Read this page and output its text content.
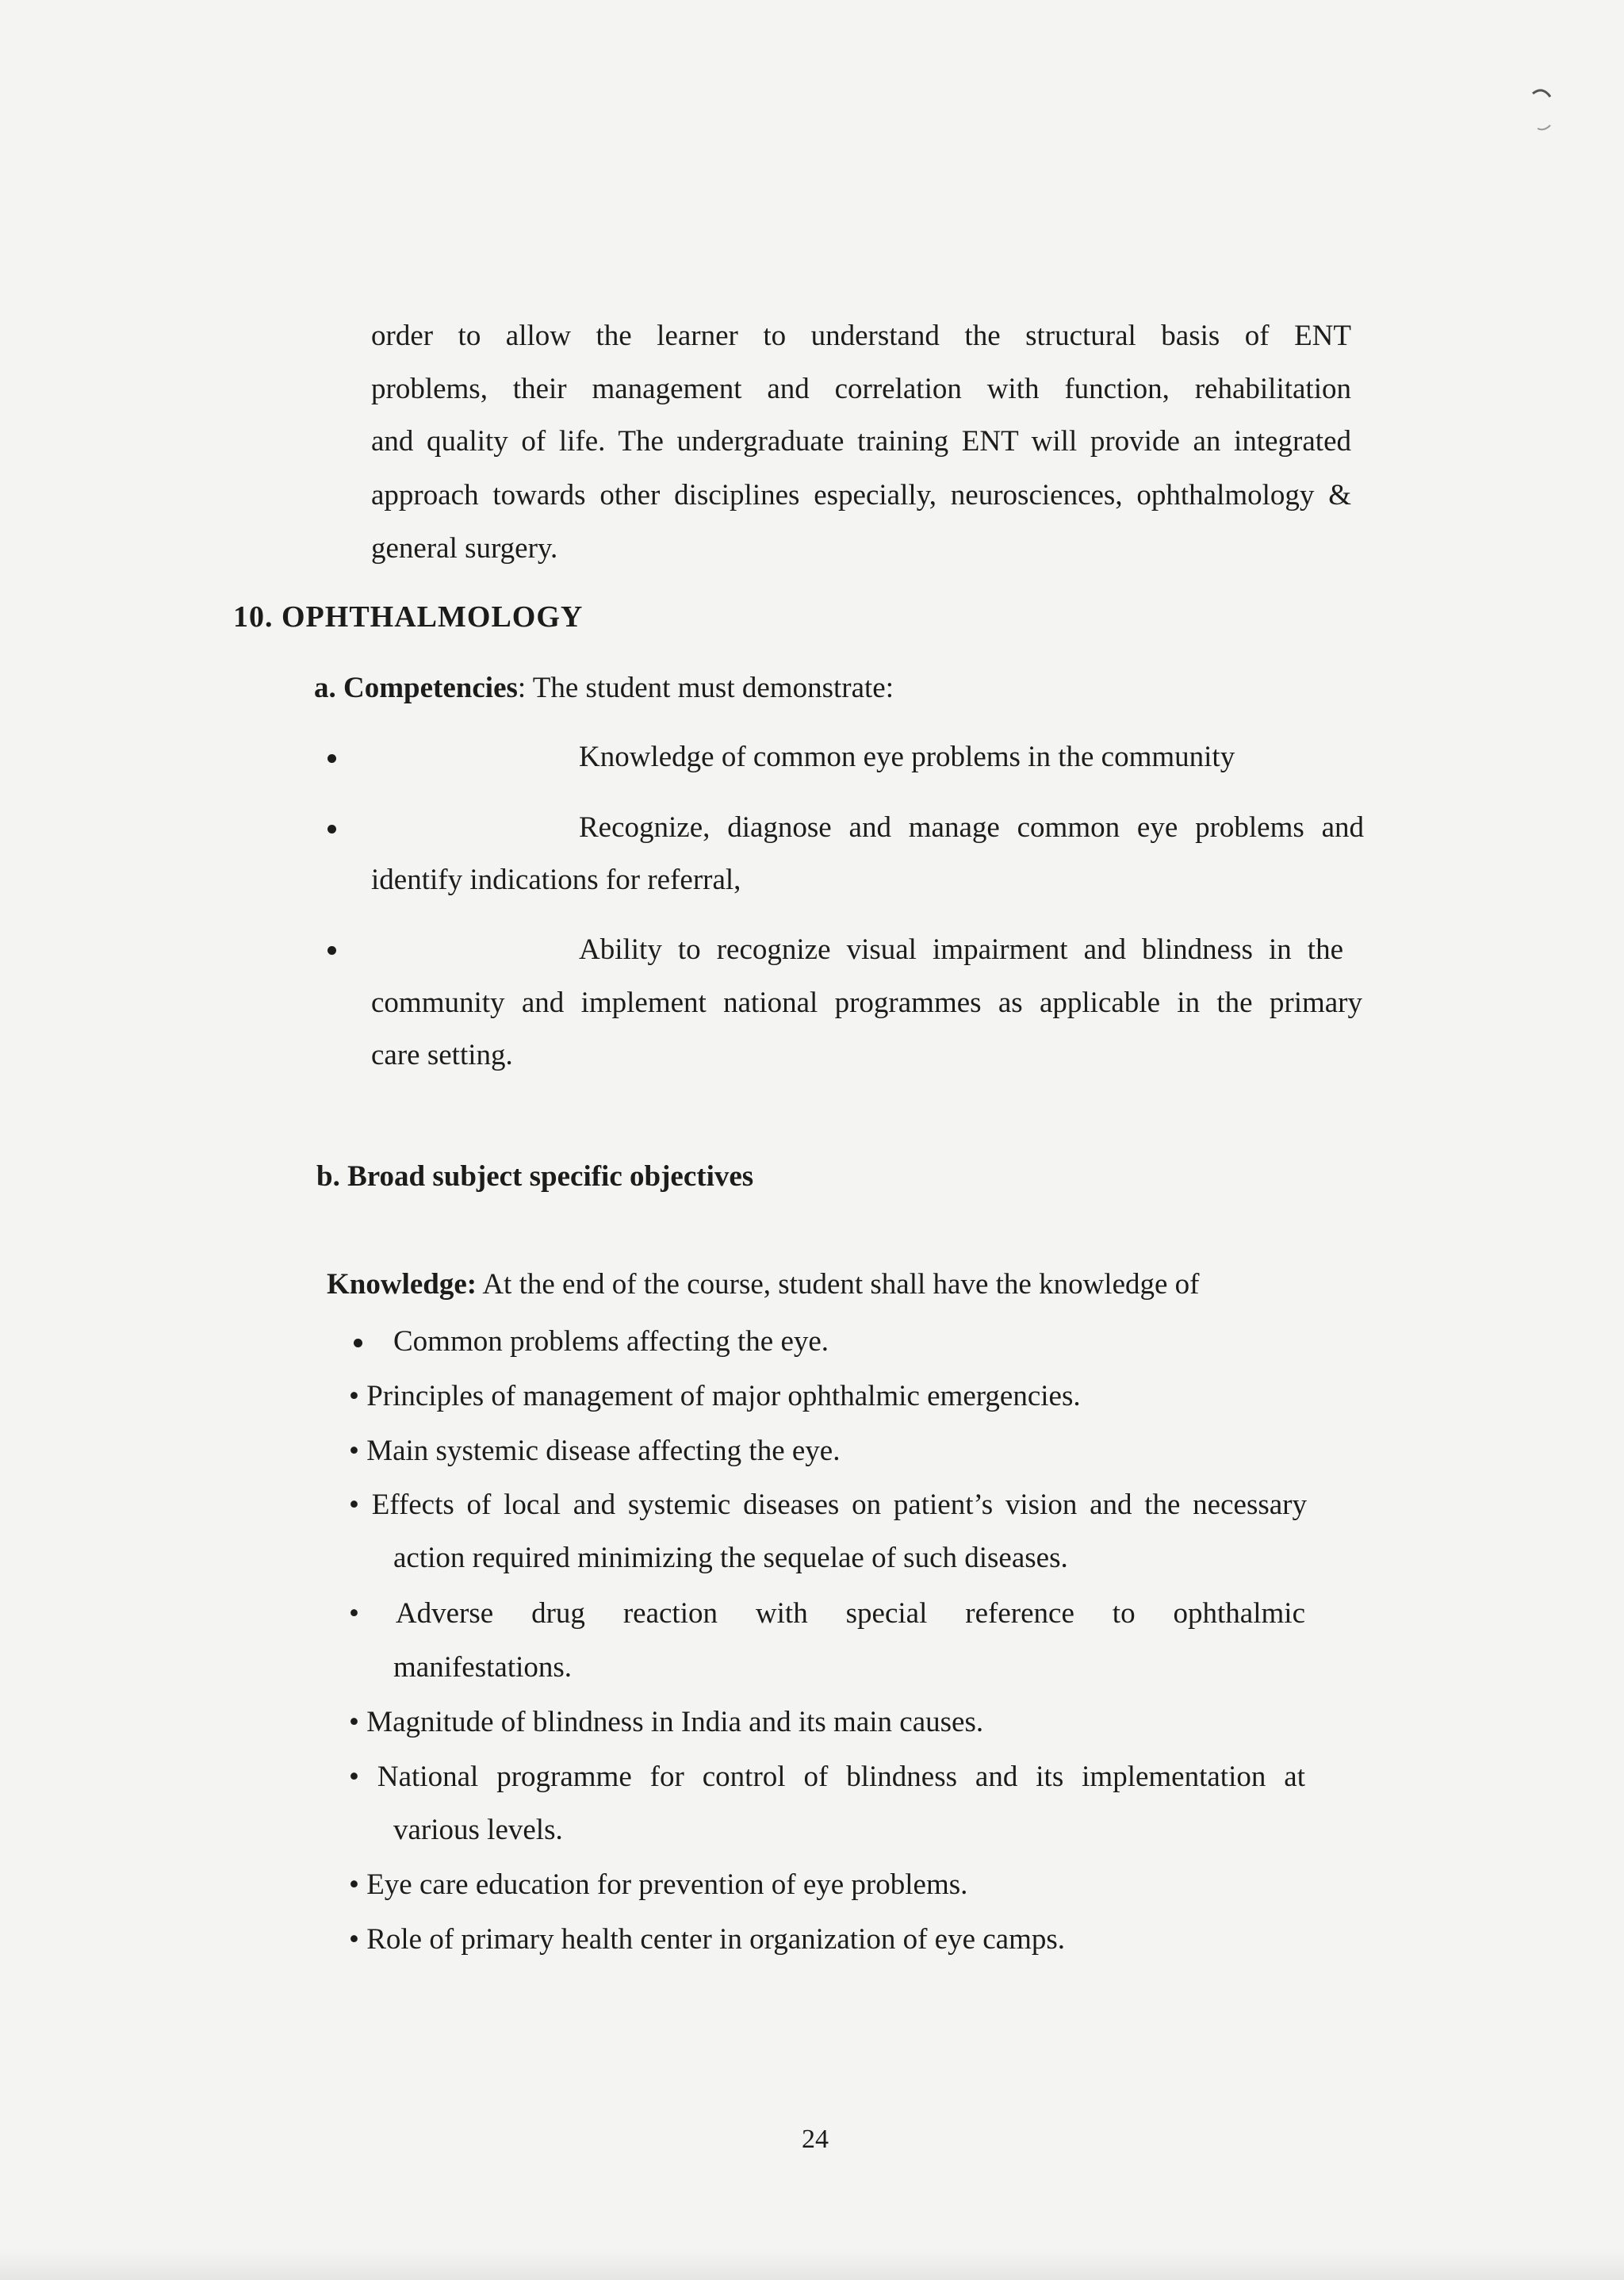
order to allow the learner to understand the structural basis of ENT

problems, their management and correlation with function, rehabilitation

and quality of life. The undergraduate training ENT will provide an integrated

approach towards other disciplines especially, neurosciences, ophthalmology &

general surgery.

10. OPHTHALMOLOGY
a. Competencies: The student must demonstrate:

Knowledge of common eye problems in the community

Recognize, diagnose and manage common eye problems and

identify indications for referral,

Ability to recognize visual impairment and blindness in the

community and implement national programmes as applicable in the primary

care setting.

b. Broad subject specific objectives

Knowledge: At the end of the course, student shall have the knowledge of

Common problems affecting the eye.

• Principles of management of major ophthalmic emergencies.

• Main systemic disease affecting the eye.

• Effects of local and systemic diseases on patient’s vision and the necessary

action required minimizing the sequelae of such diseases.

• Adverse drug reaction with special reference to ophthalmic

manifestations.

• Magnitude of blindness in India and its main causes.

• National programme for control of blindness and its implementation at

various levels.

• Eye care education for prevention of eye problems.

• Role of primary health center in organization of eye camps.

24
